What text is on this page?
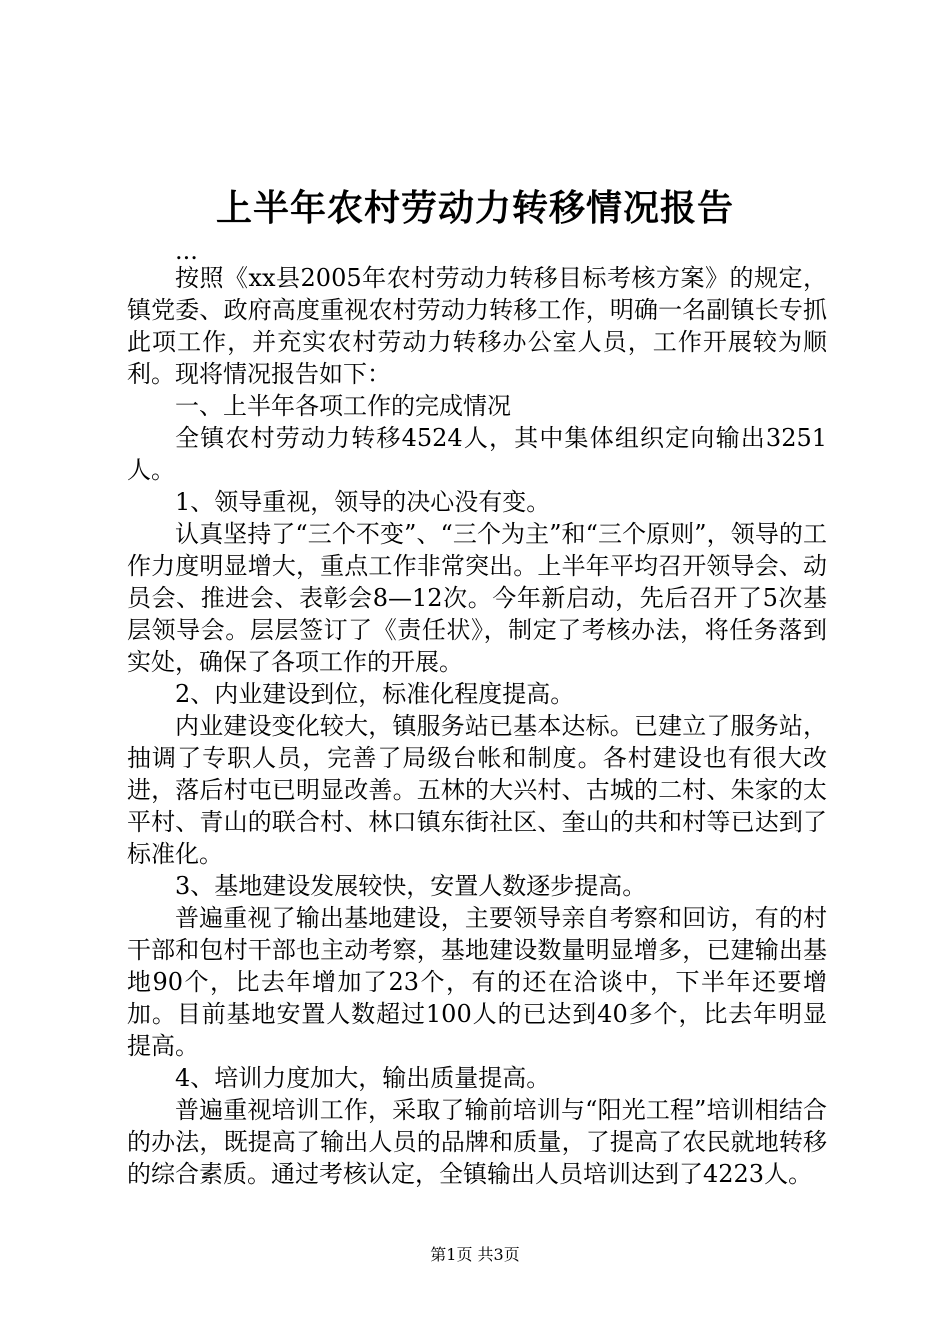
上半年农村劳动力转移情况报告

...

按照《xx县2005年农村劳动力转移目标考核方案》的规定，镇党委、政府高度重视农村劳动力转移工作，明确一名副镇长专抓此项工作，并充实农村劳动力转移办公室人员，工作开展较为顺利。现将情况报告如下：

一、上半年各项工作的完成情况

全镇农村劳动力转移4524人，其中集体组织定向输出3251人。

1、领导重视，领导的决心没有变。

认真坚持了“三个不变”、“三个为主”和“三个原则”，领导的工作力度明显增大，重点工作非常突出。上半年平均召开领导会、动员会、推进会、表彰会8—12次。今年新启动，先后召开了5次基层领导会。层层签订了《责任状》，制定了考核办法，将任务落到实处，确保了各项工作的开展。

2、内业建设到位，标准化程度提高。

内业建设变化较大，镇服务站已基本达标。已建立了服务站，抽调了专职人员，完善了局级台帐和制度。各村建设也有很大改进，落后村屯已明显改善。五林的大兴村、古城的二村、朱家的太平村、青山的联合村、林口镇东街社区、奎山的共和村等已达到了标准化。

3、基地建设发展较快，安置人数逐步提高。

普遍重视了输出基地建设，主要领导亲自考察和回访，有的村干部和包村干部也主动考察，基地建设数量明显增多，已建输出基地90个，比去年增加了23个，有的还在洽谈中，下半年还要增加。目前基地安置人数超过100人的已达到40多个，比去年明显提高。

4、培训力度加大，输出质量提高。

普遍重视培训工作，采取了输前培训与“阳光工程”培训相结合的办法，既提高了输出人员的品牌和质量，了提高了农民就地转移的综合素质。通过考核认定，全镇输出人员培训达到了4223人。

第1页 共3页
